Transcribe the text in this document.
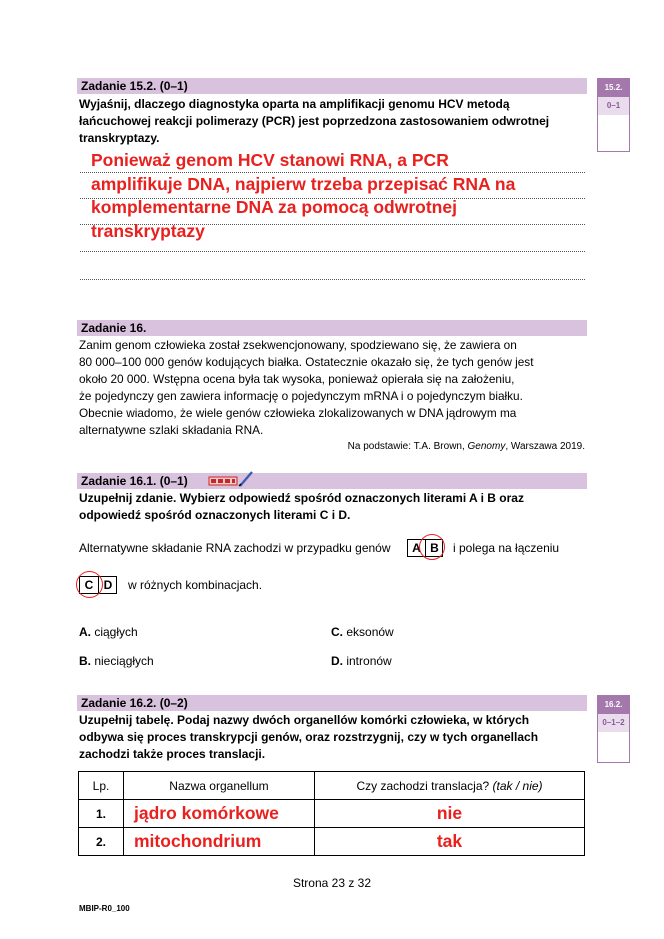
Zadanie 15.2. (0–1)
Wyjaśnij, dlaczego diagnostyka oparta na amplifikacji genomu HCV metodą łańcuchowej reakcji polimerazy (PCR) jest poprzedzona zastosowaniem odwrotnej transkryptazy.
15.2.
0–1
Ponieważ genom HCV stanowi RNA, a PCR
amplifikuje DNA, najpierw trzeba przepisać RNA na
komplementarne DNA za pomocą odwrotnej
transkryptazy
Zadanie 16.
Zanim genom człowieka został zsekwencjonowany, spodziewano się, że zawiera on
80 000–100 000 genów kodujących białka. Ostatecznie okazało się, że tych genów jest
około 20 000. Wstępna ocena była tak wysoka, ponieważ opierała się na założeniu,
że pojedynczy gen zawiera informację o pojedynczym mRNA i o pojedynczym białku.
Obecnie wiadomo, że wiele genów człowieka zlokalizowanych w DNA jądrowym ma
alternatywne szlaki składania RNA.
Na podstawie: T.A. Brown, Genomy, Warszawa 2019.
Zadanie 16.1. (0–1)
Uzupełnij zdanie. Wybierz odpowiedź spośród oznaczonych literami A i B oraz
odpowiedź spośród oznaczonych literami C i D.
Alternatywne składanie RNA zachodzi w przypadku genów	A B	i polega na łączeniu
C D	w różnych kombinacjach.
A. ciągłych	C. eksonów
B. nieciągłych	D. intronów
Zadanie 16.2. (0–2)	16.2.
0–1–2
Uzupełnij tabelę. Podaj nazwy dwóch organellów komórki człowieka, w których
odbywa się proces transkrypcji genów, oraz rozstrzygnij, czy w tych organellach
zachodzi także proces translacji.
Lp.	Nazwa organellum	Czy zachodzi translacja? (tak / nie)
1.	jądro komórkowe	nie
2.	mitochondrium	tak
Strona 23 z 32
MBIP-R0_100
